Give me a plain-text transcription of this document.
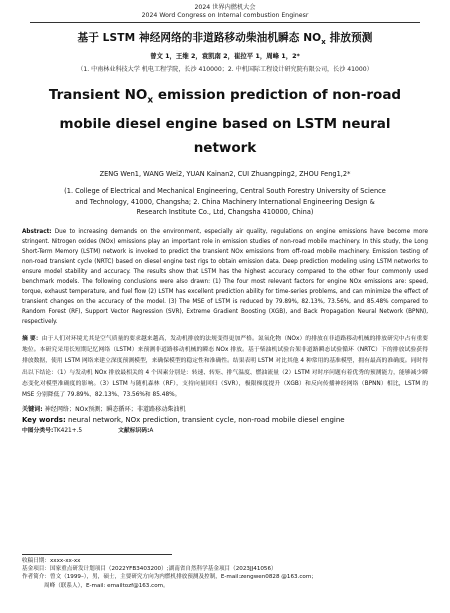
2024 世界内燃机大会
2024 Word Congress on Internal combustion Enginesr
基于 LSTM 神经网络的非道路移动柴油机瞬态 $NO_x$ 排放预测
曾文 1，王维 2，袁凯南 2，崔拉平 1，周峰 1，2*
（1. 中南林业科技大学 机电工程学院，长沙 410000；2. 中机国际工程设计研究院有限公司，长沙 41000）
Transient $NO_x$ emission prediction of non-road mobile diesel engine based on LSTM neural network
ZENG Wen1, WANG Wei2, YUAN Kainan2, CUI Zhuangping2, ZHOU Feng1,2*
(1. College of Electrical and Mechanical Engineering, Central South Forestry University of Science and Technology, 41000, Changsha; 2. China Machinery International Engineering Design & Research Institute Co., Ltd, Changsha 410000, China)
Abstract: Due to increasing demands on the environment, especially air quality, regulations on engine emissions have become more stringent. Nitrogen oxides (NOx) emissions play an important role in emission studies of non-road mobile machinery. In this study, the Long Short-Term Memory (LSTM) network is invoked to predict the transient NOx emissions from off-road mobile machinery. Emission testing of non-road transient cycle (NRTC) based on diesel engine test rigs to obtain emission data. Deep prediction modeling using LSTM networks to ensure model stability and accuracy. The results show that LSTM has the highest accuracy compared to the other four commonly used benchmark models. The following conclusions were also drawn: (1) The four most relevant factors for engine NOx emissions are: speed, torque, exhaust temperature, and fuel flow (2) LSTM has excellent prediction ability for time-series problems, and can minimize the effect of transient changes on the accuracy of the model. (3) The MSE of LSTM is reduced by 79.89%, 82.13%, 73.56%, and 85.48% compared to Random Forest (RF), Support Vector Regression (SVR), Extreme Gradient Boosting (XGB), and Back Propagation Neural Network (BPNN), respectively.
摘 要：由于人们对环境尤其是空气质量的要求越来越高，发动机排放的法规变得更加严格。氮氧化物（NOx）的排放在非道路移动机械的排放研究中占有重要地位。本研究采用长短期记忆网络（LSTM）来预测非道路移动机械的瞬态 NOx 排放。基于柴油机试验台架非道路瞬态试验循环（NRTC）下的排放试验获得排放数据，使用 LSTM 网络来建立深度预测模型，来确保模型的稳定性和准确性。结果表明 LSTM 对比其他 4 种常用的基准模型，拥有最高的准确度。同时得出以下结论：（1）与发动机 NOx 排放最相关的 4 个因素分别是：转速、转矩、排气温度、燃油流量（2）LSTM 对时序问题有着优秀的预测能力，能够减少瞬态变化对模型准确度的影响。（3）LSTM 与随机森林（RF），支持向量回归（SVR），极限梯度提升（XGB）和反向传播神经网络（BPNN）相比，LSTM 的 MSE 分别降低了 79.89%、82.13%、73.56%和 85.48%。
关键词: 神经网络；NOx预测；瞬态循环；非道路移动柴油机
Key words: neural network, NOx prediction, transient cycle, non-road mobile diesel engine
中图分类号:TK421+.5	文献标识码:A
收稿日期：xxxx-xx-xx
基金项目：国家重点研发计划项目（2022YFB3403200）;湖南省自然科学基金项目（2023JJ41056）
作者简介：曾文（1999–），男，硕士，主要研究方向为内燃机排放预测及控制，E-mail:zengwen0828 @163.com；
周峰（联系人），E-mail: emailtozf@163.com。
